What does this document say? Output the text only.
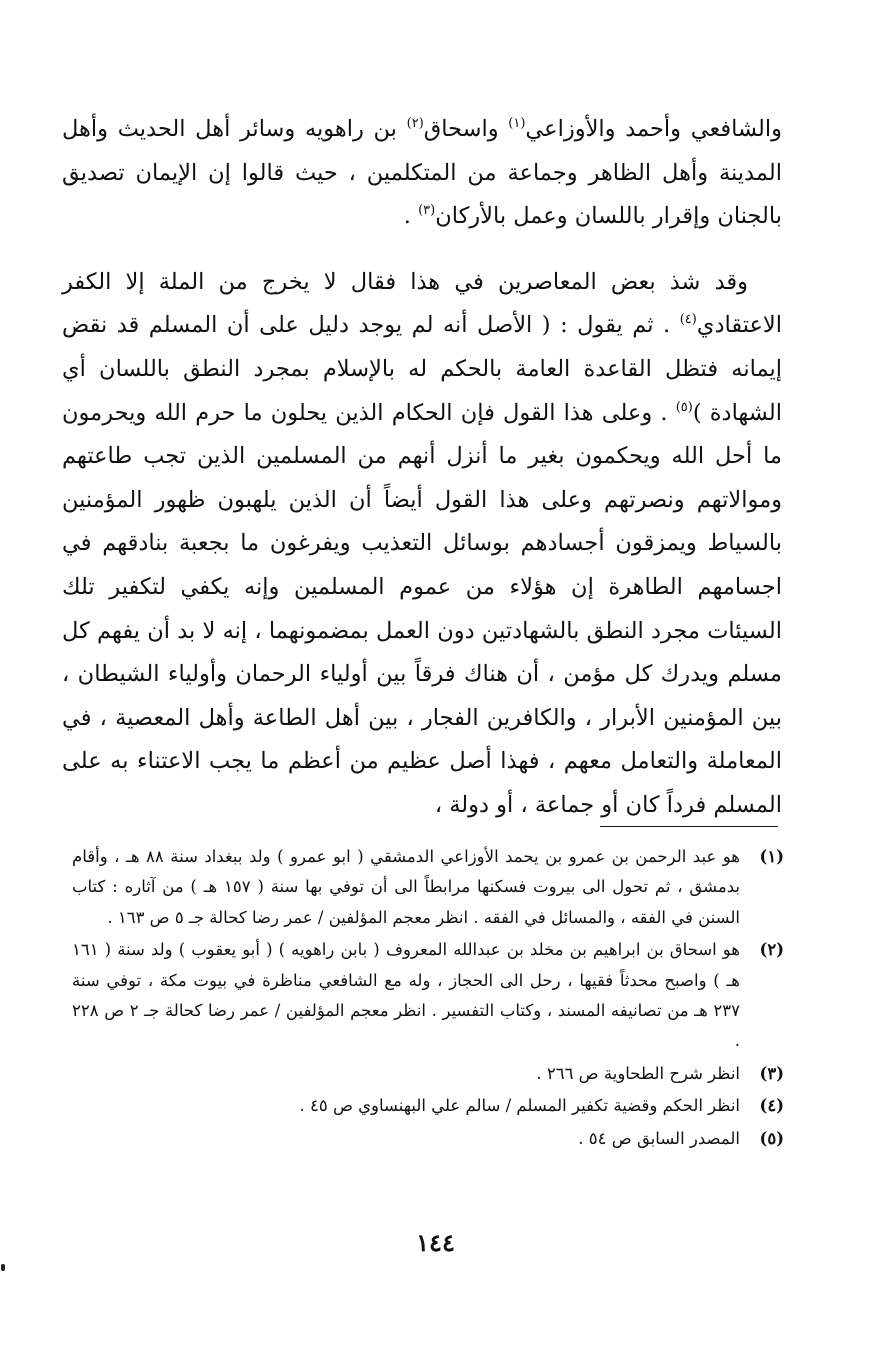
والشافعي وأحمد والأوزاعي$^{(١)}$ واسحاق$^{(٢)}$ بن راهويه وسائر أهل الحديث وأهل المدينة وأهل الظاهر وجماعة من المتكلمين ، حيث قالوا إن الإيمان تصديق بالجنان وإقرار باللسان وعمل بالأركان$^{(٣)}$ .

وقد شذ بعض المعاصرين في هذا فقال لا يخرج من الملة إلا الكفر الاعتقادي$^{(٤)}$ . ثم يقول : ( الأصل أنه لم يوجد دليل على أن المسلم قد نقض إيمانه فتظل القاعدة العامة بالحكم له بالإسلام بمجرد النطق باللسان أي الشهادة )$^{(٥)}$ . وعلى هذا القول فإن الحكام الذين يحلون ما حرم الله ويحرمون ما أحل الله ويحكمون بغير ما أنزل أنهم من المسلمين الذين تجب طاعتهم وموالاتهم ونصرتهم وعلى هذا القول أيضاً أن الذين يلهبون ظهور المؤمنين بالسياط ويمزقون أجسادهم بوسائل التعذيب ويفرغون ما بجعبة بنادقهم في اجسامهم الطاهرة إن هؤلاء من عموم المسلمين وإنه يكفي لتكفير تلك السيئات مجرد النطق بالشهادتين دون العمل بمضمونهما ، إنه لا بد أن يفهم كل مسلم ويدرك كل مؤمن ، أن هناك فرقاً بين أولياء الرحمان وأولياء الشيطان ، بين المؤمنين الأبرار ، والكافرين الفجار ، بين أهل الطاعة وأهل المعصية ، في المعاملة والتعامل معهم ، فهذا أصل عظيم من أعظم ما يجب الاعتناء به على المسلم فرداً كان أو جماعة ، أو دولة ،

(١)
هو عبد الرحمن بن عمرو بن يحمد الأوزاعي الدمشقي ( ابو عمرو ) ولد ببغداد سنة ٨٨ هـ ، وأقام بدمشق ، ثم تحول الى بيروت فسكنها مرابطاً الى أن توفي بها سنة ( ١٥٧ هـ ) من آثاره : كتاب السنن في الفقه ، والمسائل في الفقه . انظر معجم المؤلفين / عمر رضا كحالة جـ ٥ ص ١٦٣ .

(٢)
هو اسحاق بن ابراهيم بن مخلد بن عبدالله المعروف ( بابن راهويه ) ( أبو يعقوب ) ولد سنة ( ١٦١ هـ ) واصبح محدثاً فقيها ، رحل الى الحجاز ، وله مع الشافعي مناظرة في بيوت مكة ، توفي سنة ٢٣٧ هـ من تصانيفه المسند ، وكتاب التفسير . انظر معجم المؤلفين / عمر رضا كحالة جـ ٢ ص ٢٢٨ .

(٣)
انظر شرح الطحاوية ص ٢٦٦ .

(٤)
انظر الحكم وقضية تكفير المسلم / سالم علي البهنساوي ص ٤٥ .

(٥)
المصدر السابق ص ٥٤ .

١٤٤
